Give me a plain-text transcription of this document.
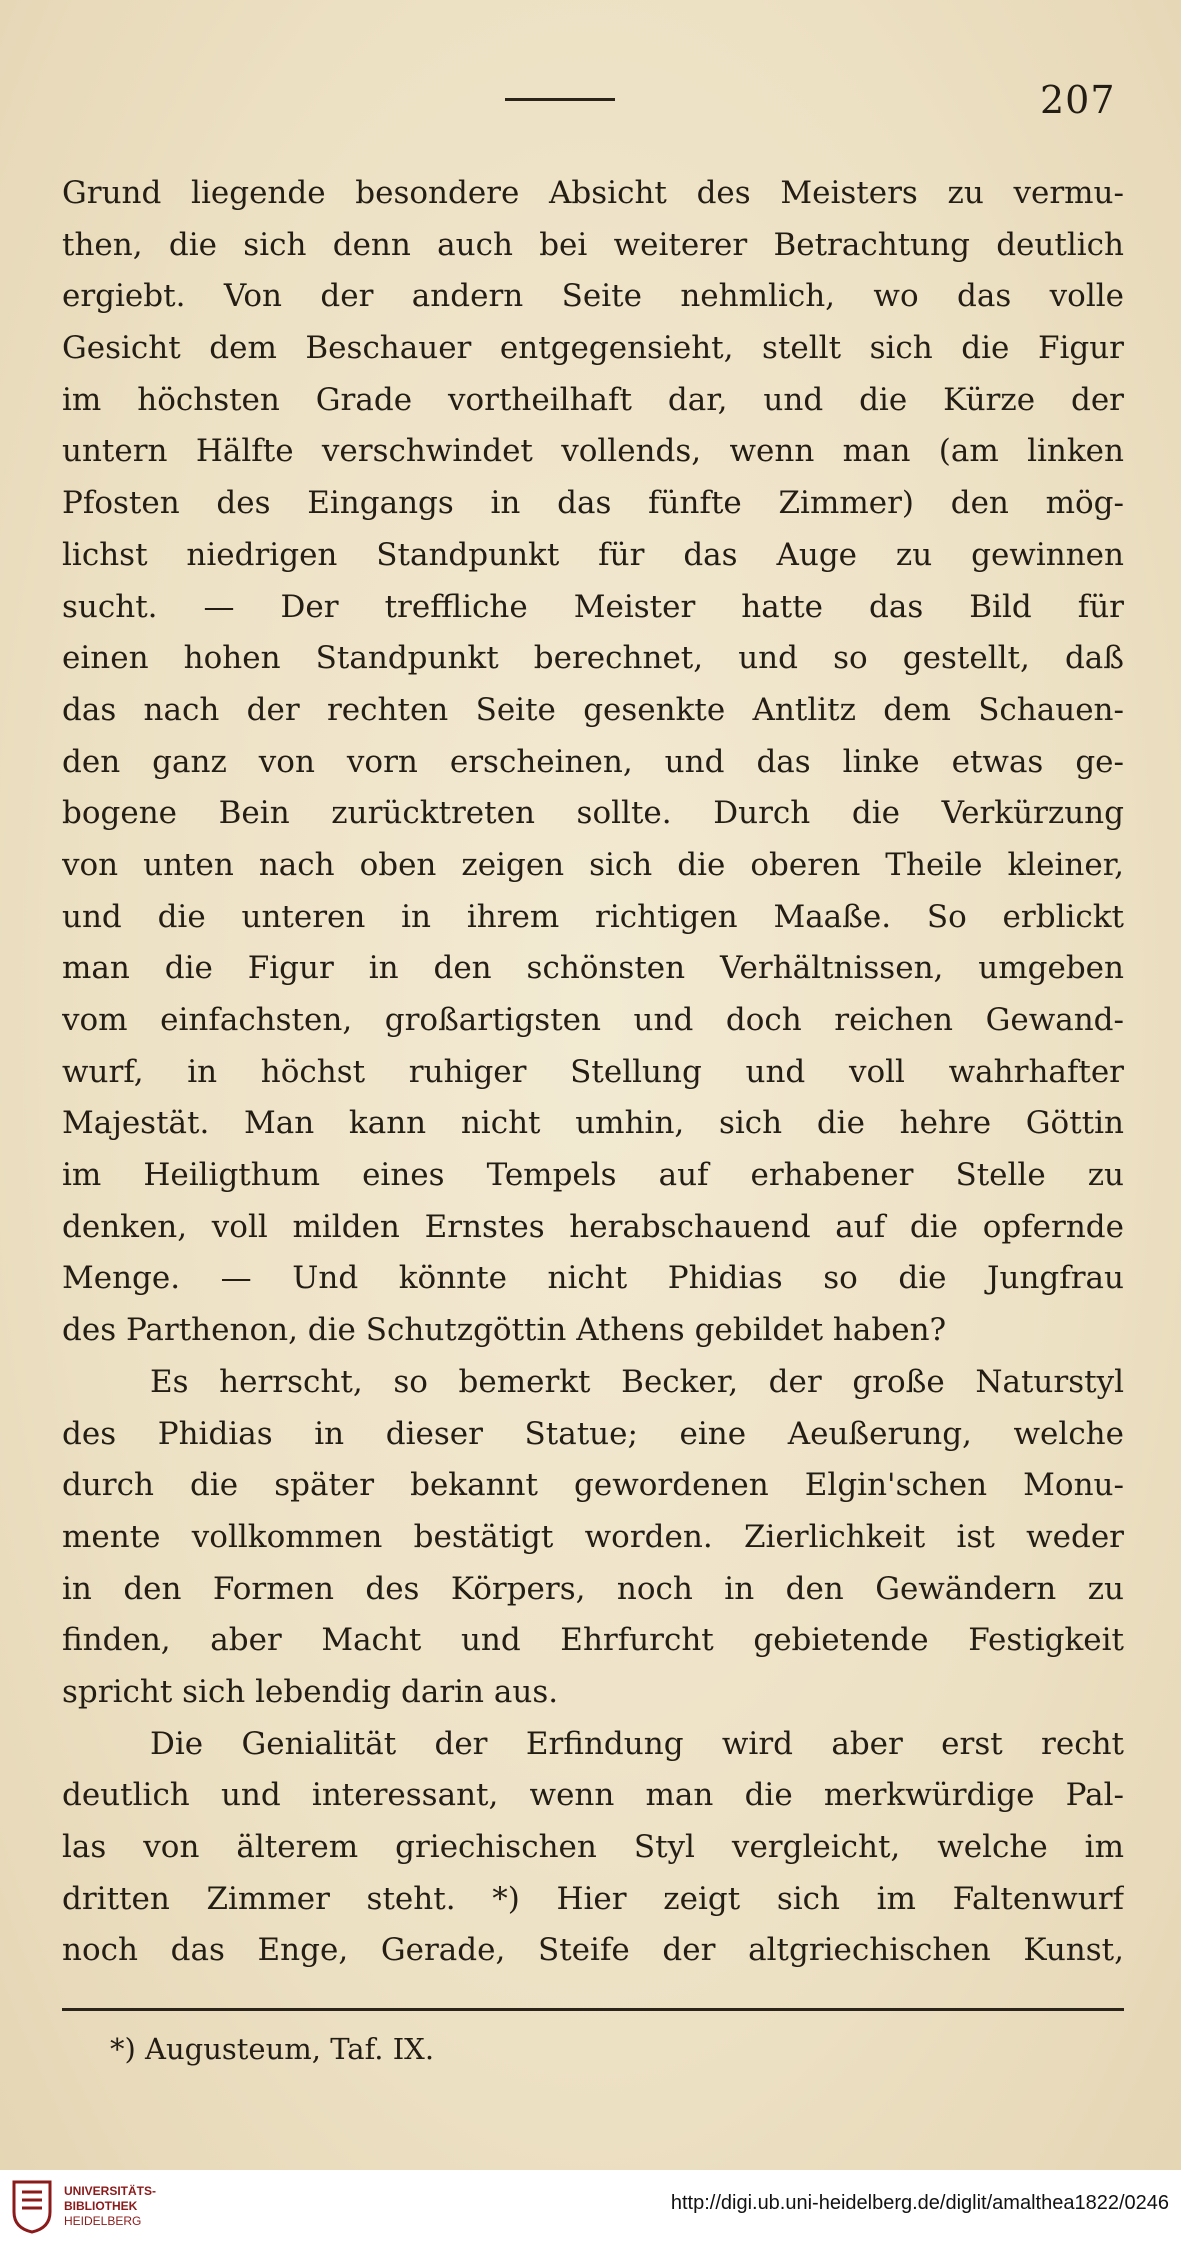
207
Grund liegende besondere Absicht des Meisters zu vermu-
then, die sich denn auch bei weiterer Betrachtung deutlich
ergiebt. Von der andern Seite nehmlich, wo das volle
Gesicht dem Beschauer entgegensieht, stellt sich die Figur
im höchsten Grade vortheilhaft dar, und die Kürze der
untern Hälfte verschwindet vollends, wenn man (am linken
Pfosten des Eingangs in das fünfte Zimmer) den mög-
lichst niedrigen Standpunkt für das Auge zu gewinnen
sucht. — Der treffliche Meister hatte das Bild für
einen hohen Standpunkt berechnet, und so gestellt, daß
das nach der rechten Seite gesenkte Antlitz dem Schauen-
den ganz von vorn erscheinen, und das linke etwas ge-
bogene Bein zurücktreten sollte. Durch die Verkürzung
von unten nach oben zeigen sich die oberen Theile kleiner,
und die unteren in ihrem richtigen Maaße. So erblickt
man die Figur in den schönsten Verhältnissen, umgeben
vom einfachsten, großartigsten und doch reichen Gewand-
wurf, in höchst ruhiger Stellung und voll wahrhafter
Majestät. Man kann nicht umhin, sich die hehre Göttin
im Heiligthum eines Tempels auf erhabener Stelle zu
denken, voll milden Ernstes herabschauend auf die opfernde
Menge. — Und könnte nicht Phidias so die Jungfrau
des Parthenon, die Schutzgöttin Athens gebildet haben?
Es herrscht, so bemerkt Becker, der große Naturstyl
des Phidias in dieser Statue; eine Aeußerung, welche
durch die später bekannt gewordenen Elgin'schen Monu-
mente vollkommen bestätigt worden. Zierlichkeit ist weder
in den Formen des Körpers, noch in den Gewändern zu
finden, aber Macht und Ehrfurcht gebietende Festigkeit
spricht sich lebendig darin aus.
Die Genialität der Erfindung wird aber erst recht
deutlich und interessant, wenn man die merkwürdige Pal-
las von älterem griechischen Styl vergleicht, welche im
dritten Zimmer steht. *) Hier zeigt sich im Faltenwurf
noch das Enge, Gerade, Steife der altgriechischen Kunst,
*) Augusteum, Taf. IX.
UNIVERSITÄTS-
BIBLIOTHEK
HEIDELBERG
http://digi.ub.uni-heidelberg.de/diglit/amalthea1822/0246
